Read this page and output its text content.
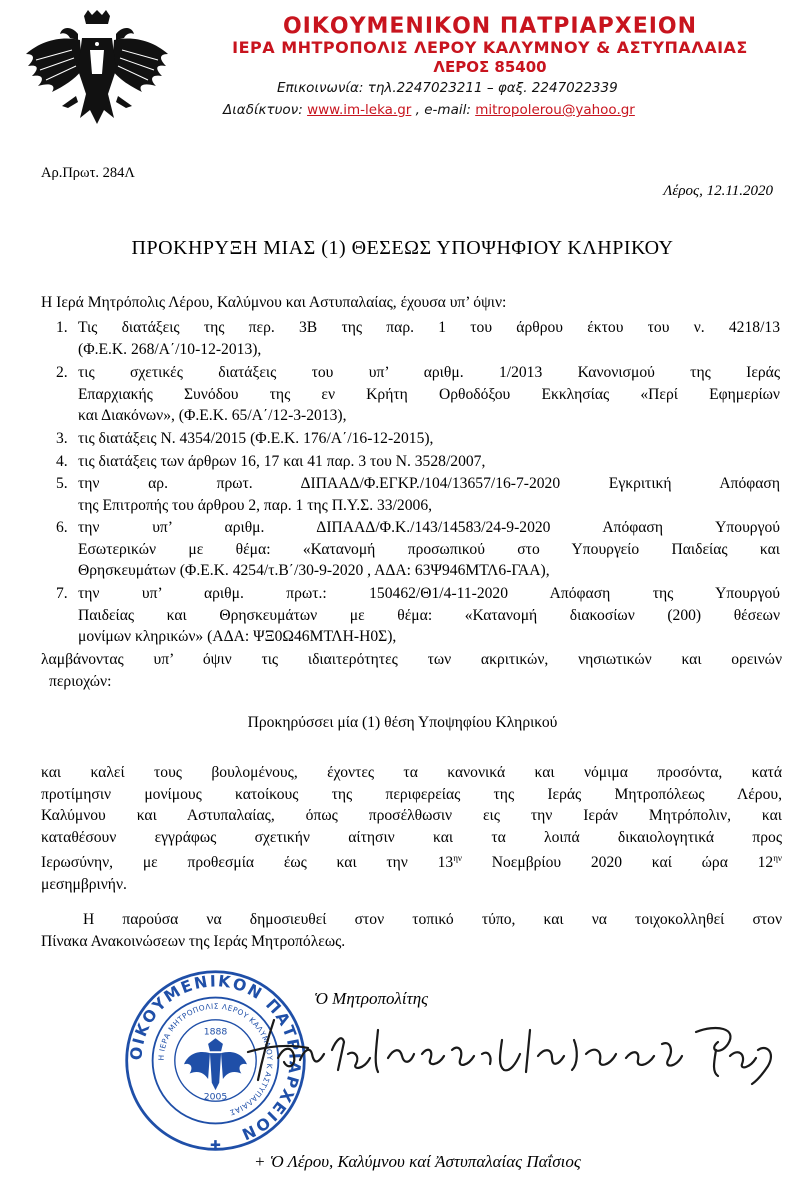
ΟΙΚΟΥΜΕΝΙΚΟΝ ΠΑΤΡΙΑΡΧΕΙΟΝ
ΙΕΡΑ ΜΗΤΡΟΠΟΛΙΣ ΛΕΡΟΥ ΚΑΛΥΜΝΟΥ & ΑΣΤΥΠΑΛΑΙΑΣ
ΛΕΡΟΣ 85400
Επικοινωνία: τηλ.2247023211 – φαξ. 2247022339
Διαδίκτυον: www.im-leka.gr , e-mail: mitropolerou@yahoo.gr
Αρ.Πρωτ. 284Λ
Λέρος, 12.11.2020
ΠΡΟΚΗΡΥΞΗ ΜΙΑΣ (1) ΘΕΣΕΩΣ ΥΠΟΨΗΦΙΟΥ ΚΛΗΡΙΚΟΥ
Η Ιερά Μητρόπολις Λέρου, Καλύμνου και Αστυπαλαίας, έχουσα υπ’ όψιν:
1. Τις διατάξεις της περ. 3Β της παρ. 1 του άρθρου έκτου του ν. 4218/13
(Φ.Ε.Κ. 268/Α΄/10-12-2013),
2. τις σχετικές διατάξεις του υπ’ αριθμ. 1/2013 Κανονισμού της Ιεράς
Επαρχιακής Συνόδου της εν Κρήτη Ορθοδόξου Εκκλησίας «Περί Εφημερίων
και Διακόνων», (Φ.Ε.Κ. 65/Α΄/12-3-2013),
3. τις διατάξεις Ν. 4354/2015 (Φ.Ε.Κ. 176/Α΄/16-12-2015),
4. τις διατάξεις των άρθρων 16, 17 και 41 παρ. 3 του Ν. 3528/2007,
5. την αρ. πρωτ. ΔΙΠΑΑΔ/Φ.ΕΓΚΡ./104/13657/16-7-2020 Εγκριτική Απόφαση
της Επιτροπής του άρθρου 2, παρ. 1 της Π.Υ.Σ. 33/2006,
6. την υπ’ αριθμ. ΔΙΠΑΑΔ/Φ.Κ./143/14583/24-9-2020 Απόφαση Υπουργού
Εσωτερικών με θέμα: «Κατανομή προσωπικού στο Υπουργείο Παιδείας και
Θρησκευμάτων (Φ.Ε.Κ. 4254/τ.Β΄/30-9-2020 , ΑΔΑ: 63Ψ946ΜΤΛ6-ΓΑΑ),
7. την υπ’ αριθμ. πρωτ.: 150462/Θ1/4-11-2020 Απόφαση της Υπουργού
Παιδείας και Θρησκευμάτων με θέμα: «Κατανομή διακοσίων (200) θέσεων
μονίμων κληρικών» (ΑΔΑ: ΨΞ0Ω46ΜΤΛΗ-Η0Σ),
λαμβάνοντας υπ’ όψιν τις ιδιαιτερότητες των ακριτικών, νησιωτικών και ορεινών
περιοχών:
Προκηρύσσει μία (1) θέση Υποψηφίου Κληρικού
και καλεί τους βουλομένους, έχοντες τα κανονικά και νόμιμα προσόντα, κατά
προτίμησιν μονίμους κατοίκους της περιφερείας της Ιεράς Μητροπόλεως Λέρου,
Καλύμνου και Αστυπαλαίας, όπως προσέλθωσιν εις την Ιεράν Μητρόπολιν, και
καταθέσουν εγγράφως σχετικήν αίτησιν και τα λοιπά δικαιολογητικά προς
Ιερωσύνην, με προθεσμία έως και την $13^{\eta\nu}$ Νοεμβρίου 2020 καί ώρα $12^{\eta\nu}$
μεσημβρινήν.
Η παρούσα να δημοσιευθεί στον τοπικό τύπο, και να τοιχοκολληθεί στον
Πίνακα Ανακοινώσεων της Ιεράς Μητροπόλεως.
ΟΙΚΟΥΜΕΝΙΚΟΝ ΠΑΤΡΙΑΡΧΕΙΟΝ
Η ΙΕΡΑ ΜΗΤΡΟΠΟΛΙΣ ΛΕΡΟΥ ΚΑΛΥΜΝΟΥ Κ ΑΣΤΥΠΑΛΑΙΑΣ
1888
2005
✚
Ὁ Μητροπολίτης
+ Ὁ Λέρου, Καλύμνου καί Ἀστυπαλαίας Παΐσιος
